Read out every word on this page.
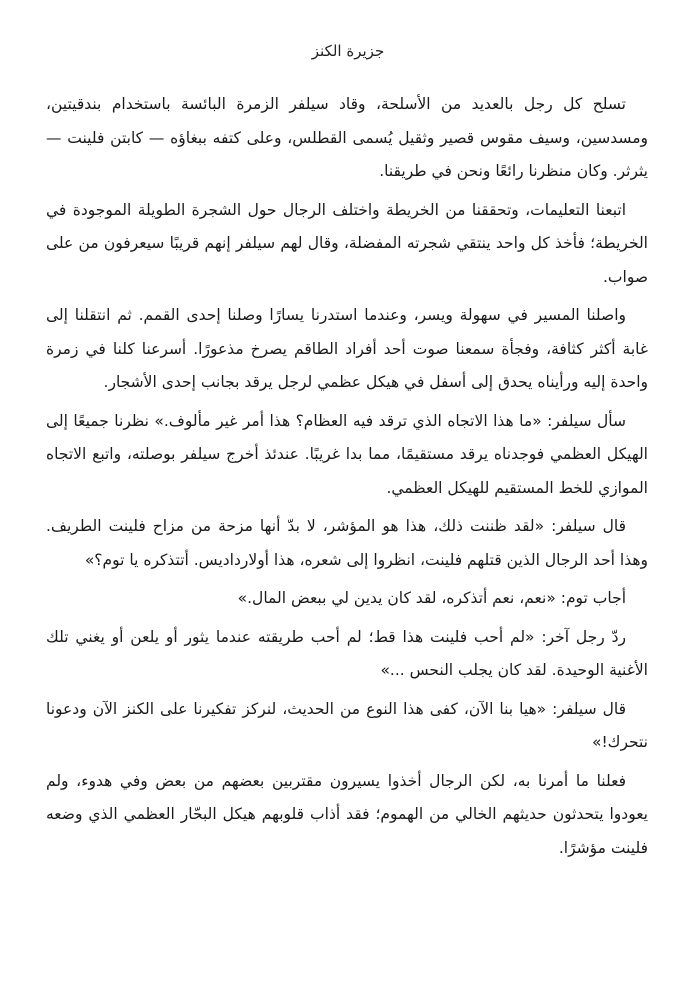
جزيرة الكنز

تسلح كل رجل بالعديد من الأسلحة، وقاد سيلفر الزمرة البائسة باستخدام بندقيتين، ومسدسين، وسيف مقوس قصير وثقيل يُسمى القطلس، وعلى كتفه ببغاؤه — كابتن فلينت — يثرثر. وكان منظرنا رائعًا ونحن في طريقنا.

اتبعنا التعليمات، وتحققنا من الخريطة واختلف الرجال حول الشجرة الطويلة الموجودة في الخريطة؛ فأخذ كل واحد ينتقي شجرته المفضلة، وقال لهم سيلفر إنهم قريبًا سيعرفون من على صواب.

واصلنا المسير في سهولة ويسر، وعندما استدرنا يسارًا وصلنا إحدى القمم. ثم انتقلنا إلى غابة أكثر كثافة، وفجأة سمعنا صوت أحد أفراد الطاقم يصرخ مذعورًا. أسرعنا كلنا في زمرة واحدة إليه ورأيناه يحدق إلى أسفل في هيكل عظمي لرجل يرقد بجانب إحدى الأشجار.

سأل سيلفر: «ما هذا الاتجاه الذي ترقد فيه العظام؟ هذا أمر غير مألوف.» نظرنا جميعًا إلى الهيكل العظمي فوجدناه يرقد مستقيمًا، مما بدا غريبًا. عندئذ أخرج سيلفر بوصلته، واتبع الاتجاه الموازي للخط المستقيم للهيكل العظمي.

قال سيلفر: «لقد ظننت ذلك، هذا هو المؤشر، لا بدّ أنها مزحة من مزاح فلينت الطريف. وهذا أحد الرجال الذين قتلهم فلينت، انظروا إلى شعره، هذا أولارداديس. أتتذكره يا توم؟»

أجاب توم: «نعم، نعم أتذكره، لقد كان يدين لي ببعض المال.»

ردّ رجل آخر: «لم أحب فلينت هذا قط؛ لم أحب طريقته عندما يثور أو يلعن أو يغني تلك الأغنية الوحيدة. لقد كان يجلب النحس ...»

قال سيلفر: «هيا بنا الآن، كفى هذا النوع من الحديث، لنركز تفكيرنا على الكنز الآن ودعونا نتحرك!»

فعلنا ما أمرنا به، لكن الرجال أخذوا يسيرون مقتربين بعضهم من بعض وفي هدوء، ولم يعودوا يتحدثون حديثهم الخالي من الهموم؛ فقد أذاب قلوبهم هيكل البحّار العظمي الذي وضعه فلينت مؤشرًا.
